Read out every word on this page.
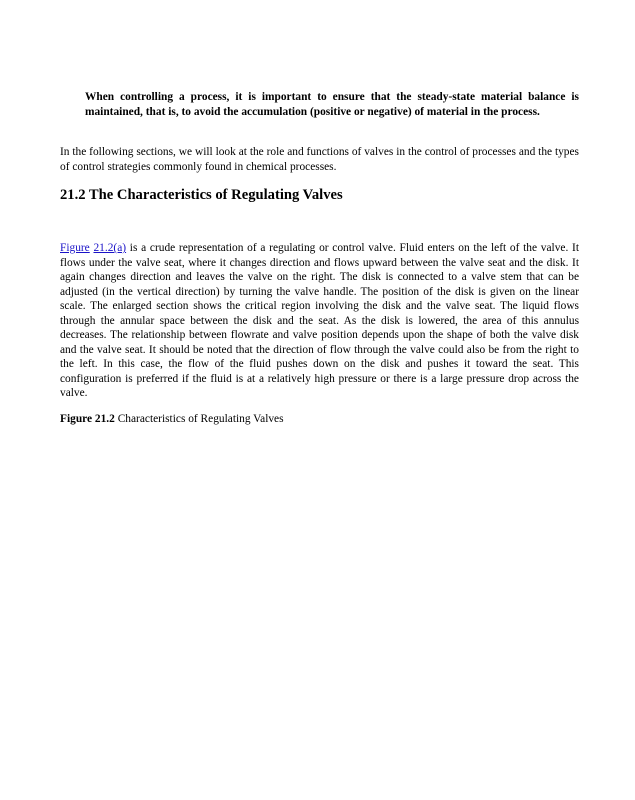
When controlling a process, it is important to ensure that the steady-state material balance is maintained, that is, to avoid the accumulation (positive or negative) of material in the process.

In the following sections, we will look at the role and functions of valves in the control of processes and the types of control strategies commonly found in chemical processes.

21.2 The Characteristics of Regulating Valves

Figure 21.2(a) is a crude representation of a regulating or control valve. Fluid enters on the left of the valve. It flows under the valve seat, where it changes direction and flows upward between the valve seat and the disk. It again changes direction and leaves the valve on the right. The disk is connected to a valve stem that can be adjusted (in the vertical direction) by turning the valve handle. The position of the disk is given on the linear scale. The enlarged section shows the critical region involving the disk and the valve seat. The liquid flows through the annular space between the disk and the seat. As the disk is lowered, the area of this annulus decreases. The relationship between flowrate and valve position depends upon the shape of both the valve disk and the valve seat. It should be noted that the direction of flow through the valve could also be from the right to the left. In this case, the flow of the fluid pushes down on the disk and pushes it toward the seat. This configuration is preferred if the fluid is at a relatively high pressure or there is a large pressure drop across the valve.

Figure 21.2 Characteristics of Regulating Valves
